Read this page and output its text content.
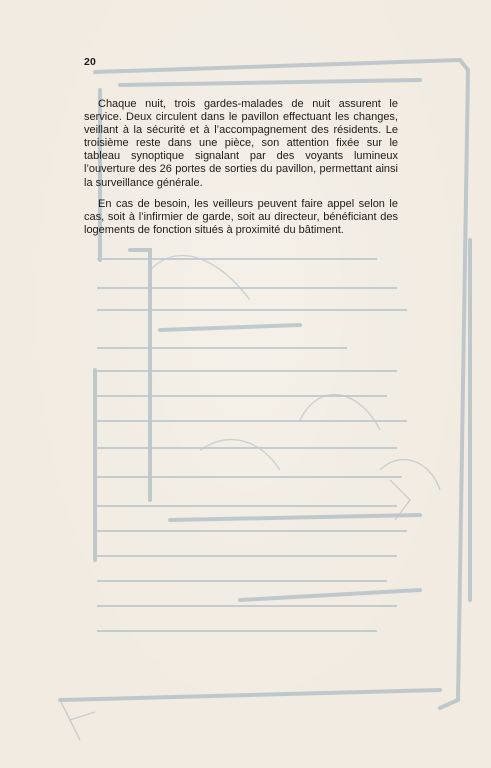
20

Chaque nuit, trois gardes-malades de nuit assurent le service. Deux circulent dans le pavillon effectuant les changes, veillant à la sécurité et à l’accompagnement des résidents. Le troisième reste dans une pièce, son attention fixée sur le tableau synoptique signalant par des voyants lumineux l’ouverture des 26 portes de sorties du pavillon, permettant ainsi la surveillance générale.

En cas de besoin, les veilleurs peuvent faire appel selon le cas, soit à l’infirmier de garde, soit au directeur, bénéficiant des logements de fonction situés à proximité du bâtiment.
